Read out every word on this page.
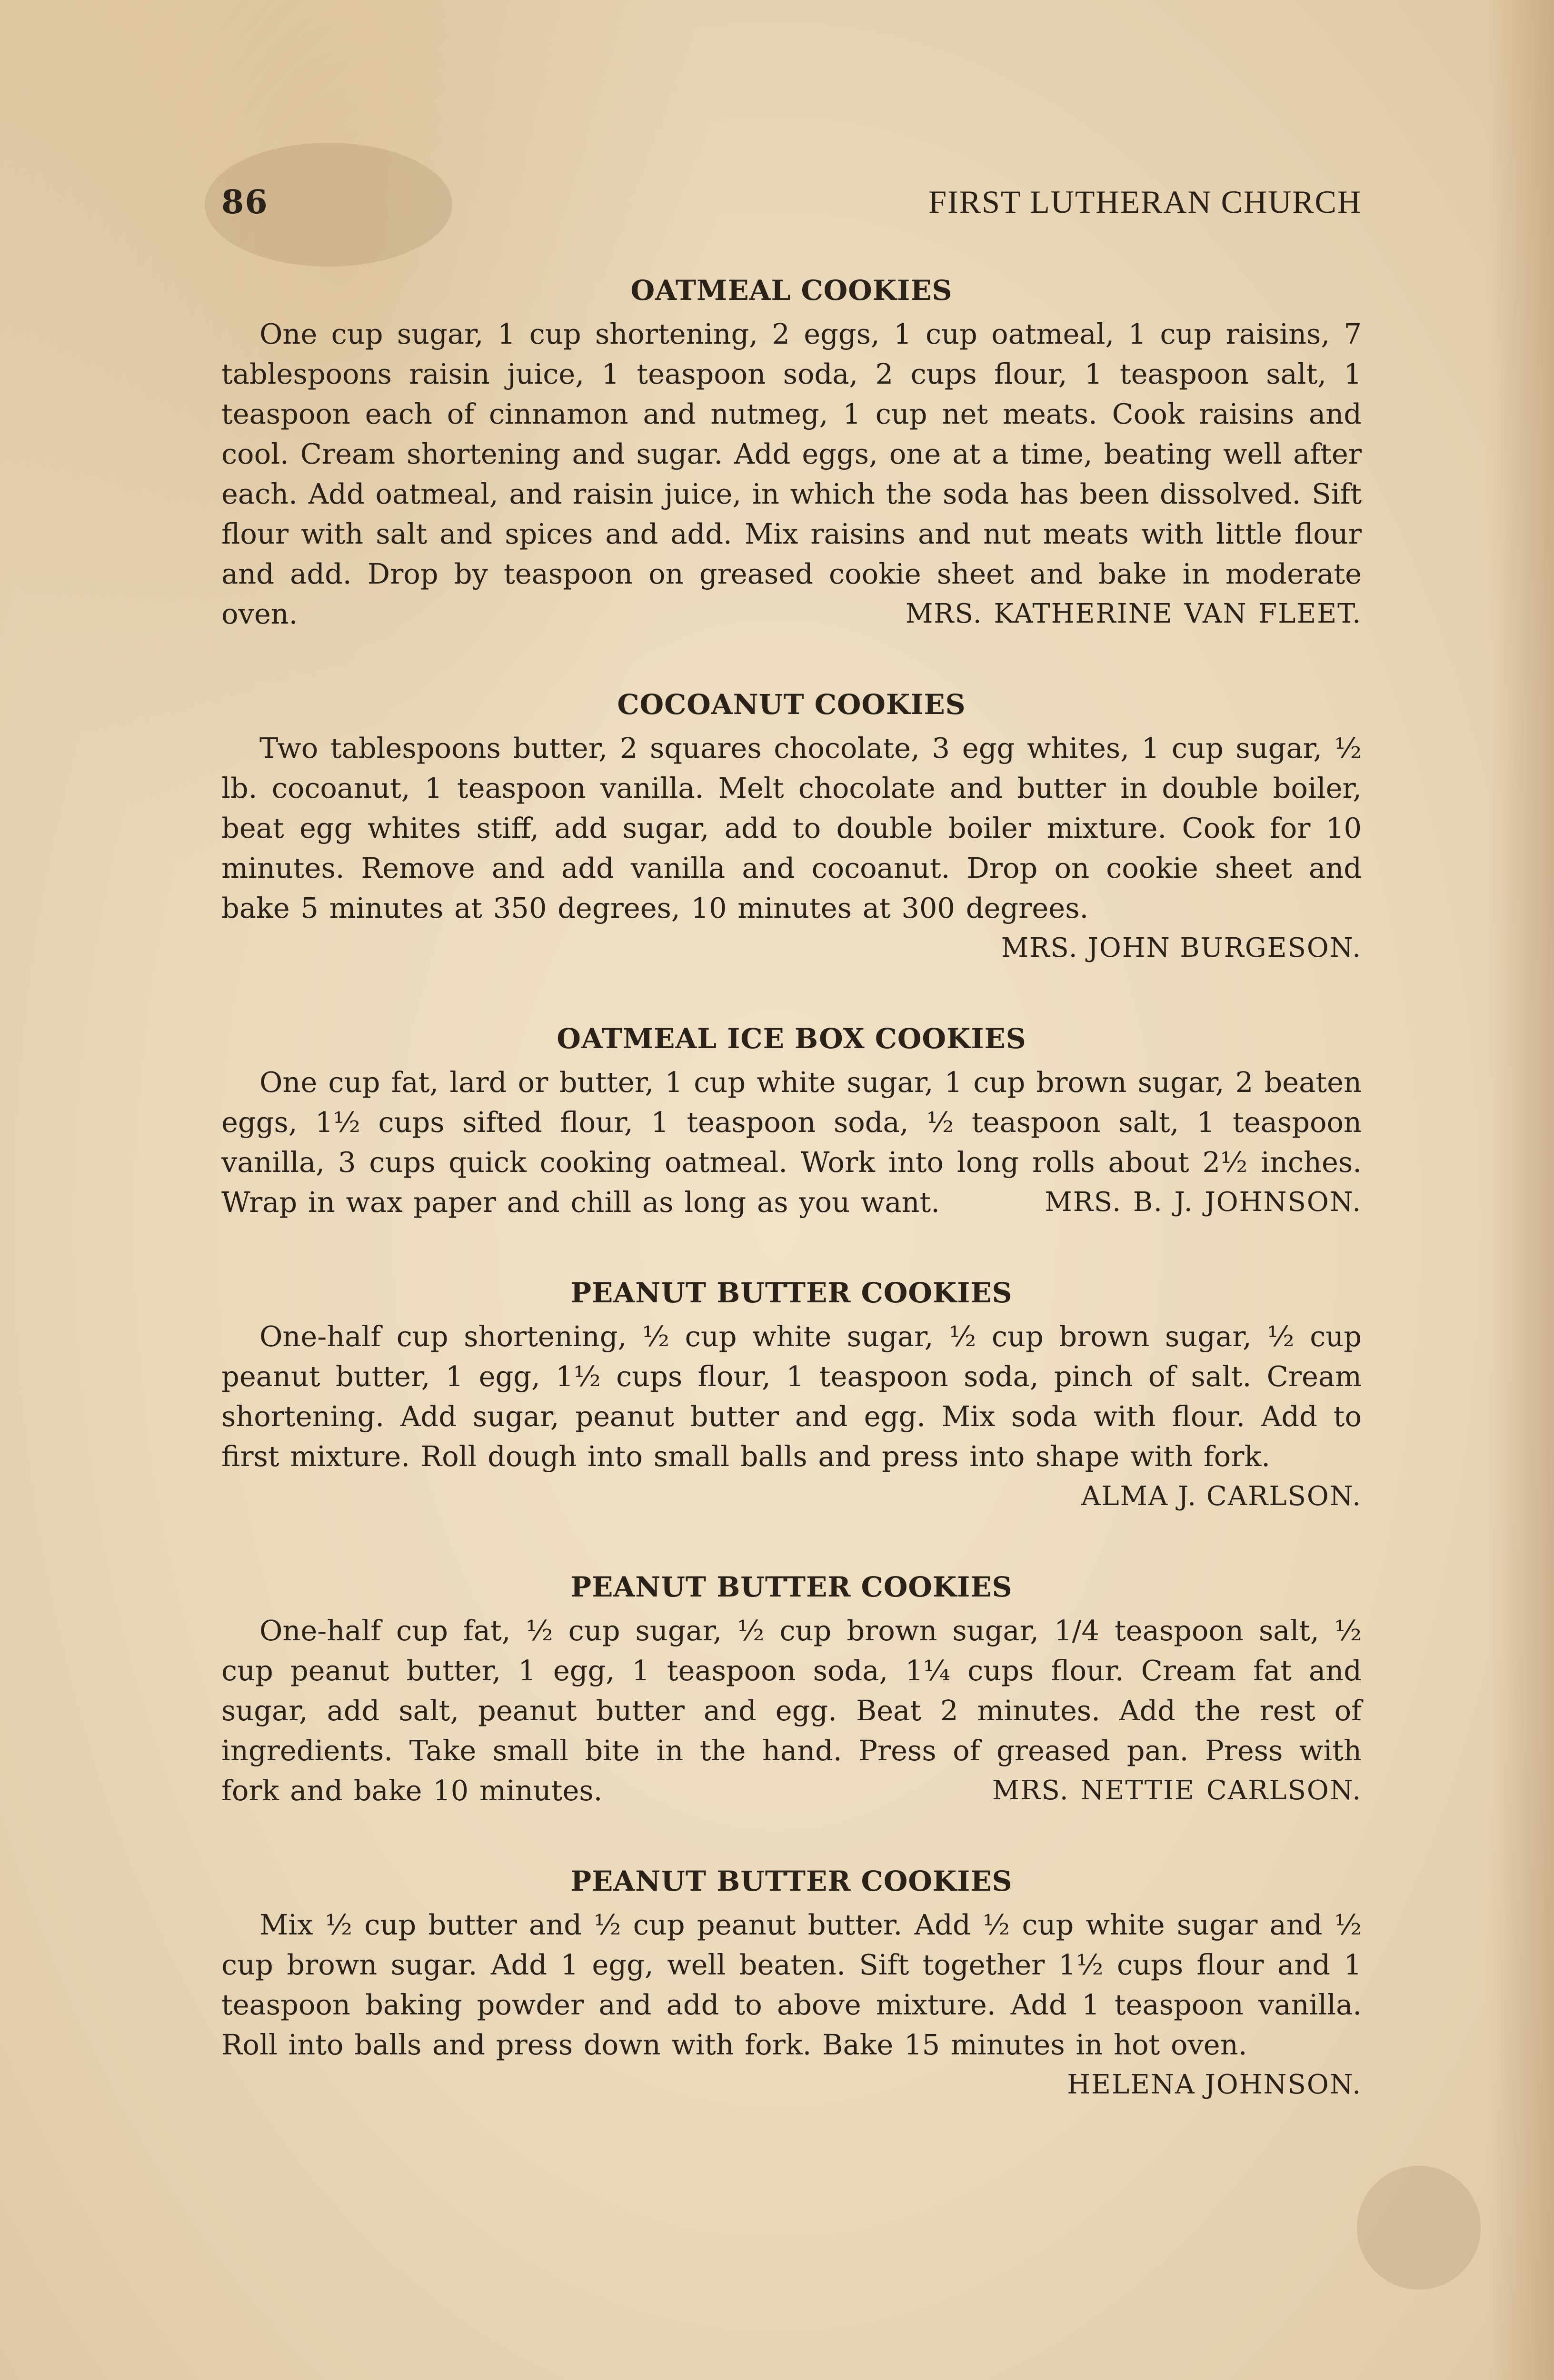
86	FIRST LUTHERAN CHURCH
OATMEAL COOKIES

One cup sugar, 1 cup shortening, 2 eggs, 1 cup oatmeal, 1 cup raisins, 7 tablespoons raisin juice, 1 teaspoon soda, 2 cups flour, 1 teaspoon salt, 1 teaspoon each of cinnamon and nutmeg, 1 cup net meats. Cook raisins and cool. Cream shortening and sugar. Add eggs, one at a time, beating well after each. Add oatmeal, and raisin juice, in which the soda has been dissolved. Sift flour with salt and spices and add. Mix raisins and nut meats with little flour and add. Drop by teaspoon on greased cookie sheet and bake in moderate oven.	MRS. KATHERINE VAN FLEET.

COCOANUT COOKIES

Two tablespoons butter, 2 squares chocolate, 3 egg whites, 1 cup sugar, ½ lb. cocoanut, 1 teaspoon vanilla. Melt chocolate and butter in double boiler, beat egg whites stiff, add sugar, add to double boiler mixture. Cook for 10 minutes. Remove and add vanilla and cocoanut. Drop on cookie sheet and bake 5 minutes at 350 degrees, 10 minutes at 300 degrees.

MRS. JOHN BURGESON.

OATMEAL ICE BOX COOKIES

One cup fat, lard or butter, 1 cup white sugar, 1 cup brown sugar, 2 beaten eggs, 1½ cups sifted flour, 1 teaspoon soda, ½ teaspoon salt, 1 teaspoon vanilla, 3 cups quick cooking oatmeal. Work into long rolls about 2½ inches. Wrap in wax paper and chill as long as you want.	MRS. B. J. JOHNSON.

PEANUT BUTTER COOKIES

One-half cup shortening, ½ cup white sugar, ½ cup brown sugar, ½ cup peanut butter, 1 egg, 1½ cups flour, 1 teaspoon soda, pinch of salt. Cream shortening. Add sugar, peanut butter and egg. Mix soda with flour. Add to first mixture. Roll dough into small balls and press into shape with fork.

ALMA J. CARLSON.

PEANUT BUTTER COOKIES

One-half cup fat, ½ cup sugar, ½ cup brown sugar, 1/4 teaspoon salt, ½ cup peanut butter, 1 egg, 1 teaspoon soda, 1¼ cups flour. Cream fat and sugar, add salt, peanut butter and egg. Beat 2 minutes. Add the rest of ingredients. Take small bite in the hand. Press of greased pan. Press with fork and bake 10 minutes.	MRS. NETTIE CARLSON.

PEANUT BUTTER COOKIES

Mix ½ cup butter and ½ cup peanut butter. Add ½ cup white sugar and ½ cup brown sugar. Add 1 egg, well beaten. Sift together 1½ cups flour and 1 teaspoon baking powder and add to above mixture. Add 1 teaspoon vanilla. Roll into balls and press down with fork. Bake 15 minutes in hot oven.

HELENA JOHNSON.
